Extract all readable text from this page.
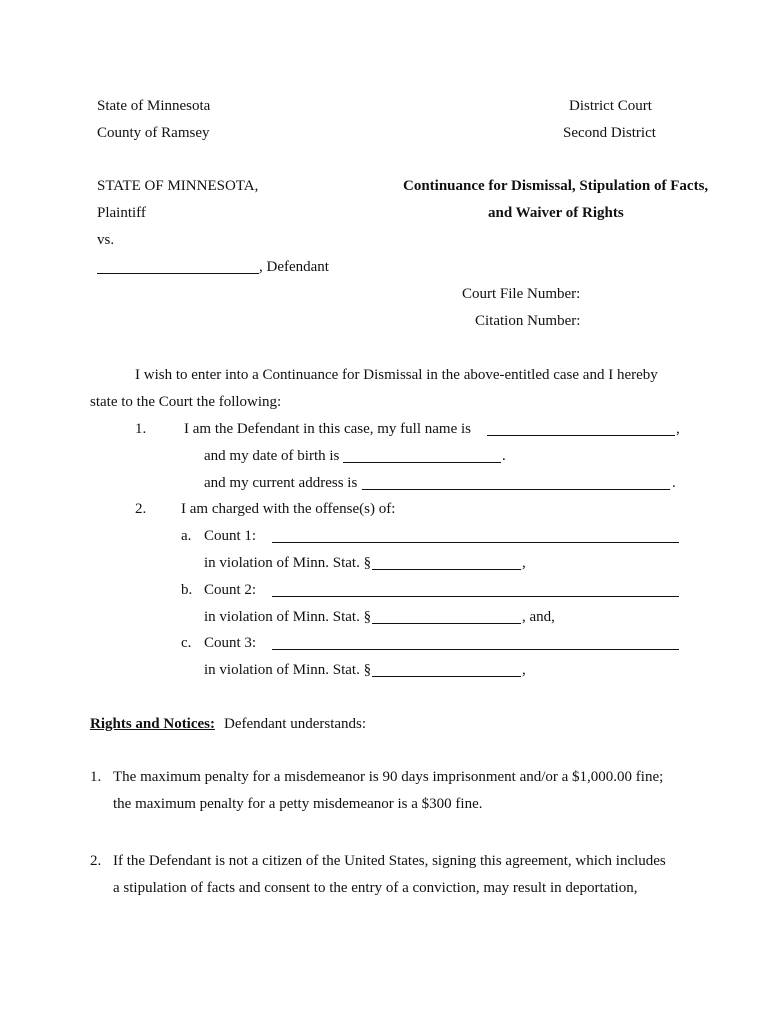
State of Minnesota
County of Ramsey
District Court
Second District
STATE OF MINNESOTA,
Plaintiff
vs.
, Defendant
Continuance for Dismissal, Stipulation of Facts,
and Waiver of Rights
Court File Number:
Citation Number:
I wish to enter into a Continuance for Dismissal in the above-entitled case and I hereby
state to the Court the following:
1.	I am the Defendant in this case, my full name is	,
and my date of birth is	.
and my current address is	.
2. I am charged with the offense(s) of:
a. Count 1:
in violation of Minn. Stat. §	,
b. Count 2:
in violation of Minn. Stat. §	, and,
c. Count 3:
in violation of Minn. Stat. §	,
Rights and Notices: Defendant understands:
1. The maximum penalty for a misdemeanor is 90 days imprisonment and/or a $1,000.00 fine;
the maximum penalty for a petty misdemeanor is a $300 fine.
2. If the Defendant is not a citizen of the United States, signing this agreement, which includes
a stipulation of facts and consent to the entry of a conviction, may result in deportation,
